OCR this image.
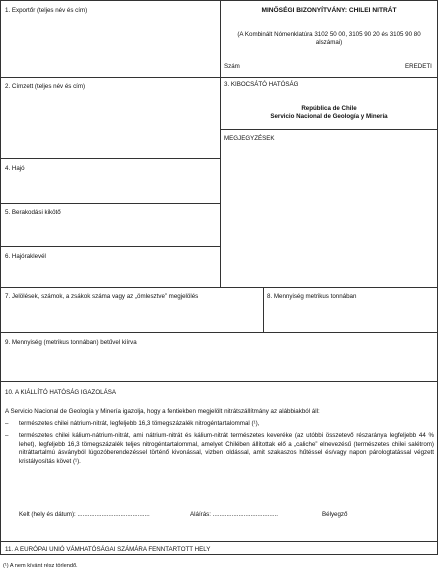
1. Exportőr (teljes név és cím)	MINŐSÉGI BIZONYÍTVÁNY: CHILEI NITRÁT
(A Kombinált Nómenklatúra 3102 50 00, 3105 90 20 és 3105 90 80
alszámai)
Szám	EREDETI
2. Címzett (teljes név és cím)	3. KIBOCSÁTÓ HATÓSÁG
República de Chile
Servicio Nacional de Geología y Minería
MEGJEGYZÉSEK
4. Hajó
5. Berakodási kikötő
6. Hajóraklevél
7. Jelölések, számok, a zsákok száma vagy az „ömlesztve” megjelölés	8. Mennyiség metrikus tonnában
9. Mennyiség (metrikus tonnában) betűvel kiírva
10. A KIÁLLÍTÓ HATÓSÁG IGAZOLÁSA
A Servicio Nacional de Geología y Minería igazolja, hogy a fentiekben megjelölt nitrátszállítmány az alábbiakból áll:
– természetes chilei nátrium-nitrát, legfeljebb 16,3 tömegszázalék nitrogéntartalommal (¹),
– természetes chilei kálium-nátrium-nitrát, ami nátrium-nitrát és kálium-nitrát természetes keveréke (az utóbbi összetevő részaránya legfeljebb 44 % lehet), legfeljebb 16,3 tömegszázalék teljes nitrogéntartalommal, amelyet Chilében állítottak elő a „caliche” elnevezésű (természetes chilei salétrom) nitráttartalmú ásványból lúgozóberendezéssel történő kivonással, vizben oldással, amit szakaszos hűtéssel és/vagy napon párologtatással végzett kristályosítás követ (¹).
Kelt (hely és dátum): ..........................................	Aláírás: ......................................	Bélyegző
11. A EURÓPAI UNIÓ VÁMHATÓSÁGAI SZÁMÁRA FENNTARTOTT HELY
(¹) A nem kívánt rész törlendő.
